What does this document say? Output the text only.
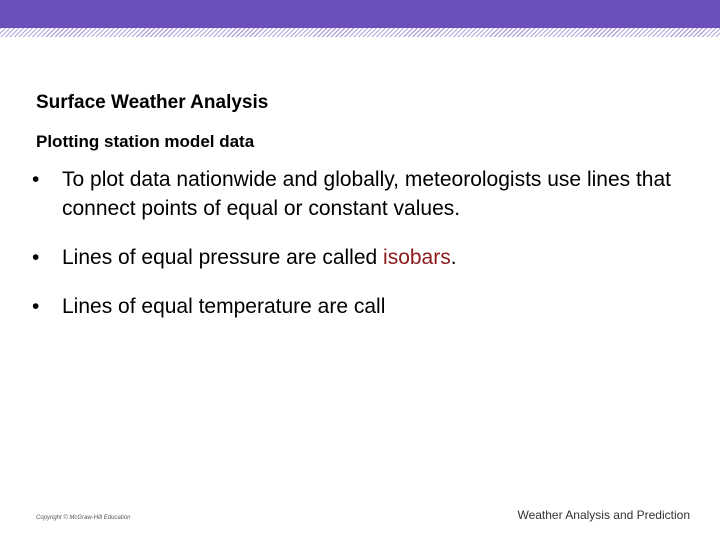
Surface Weather Analysis
Plotting station model data
• To plot data nationwide and globally, meteorologists use lines that connect points of equal or constant values.
• Lines of equal pressure are called isobars.
• Lines of equal temperature are call
Copyright © McGraw-Hill Education	Weather Analysis and Prediction
